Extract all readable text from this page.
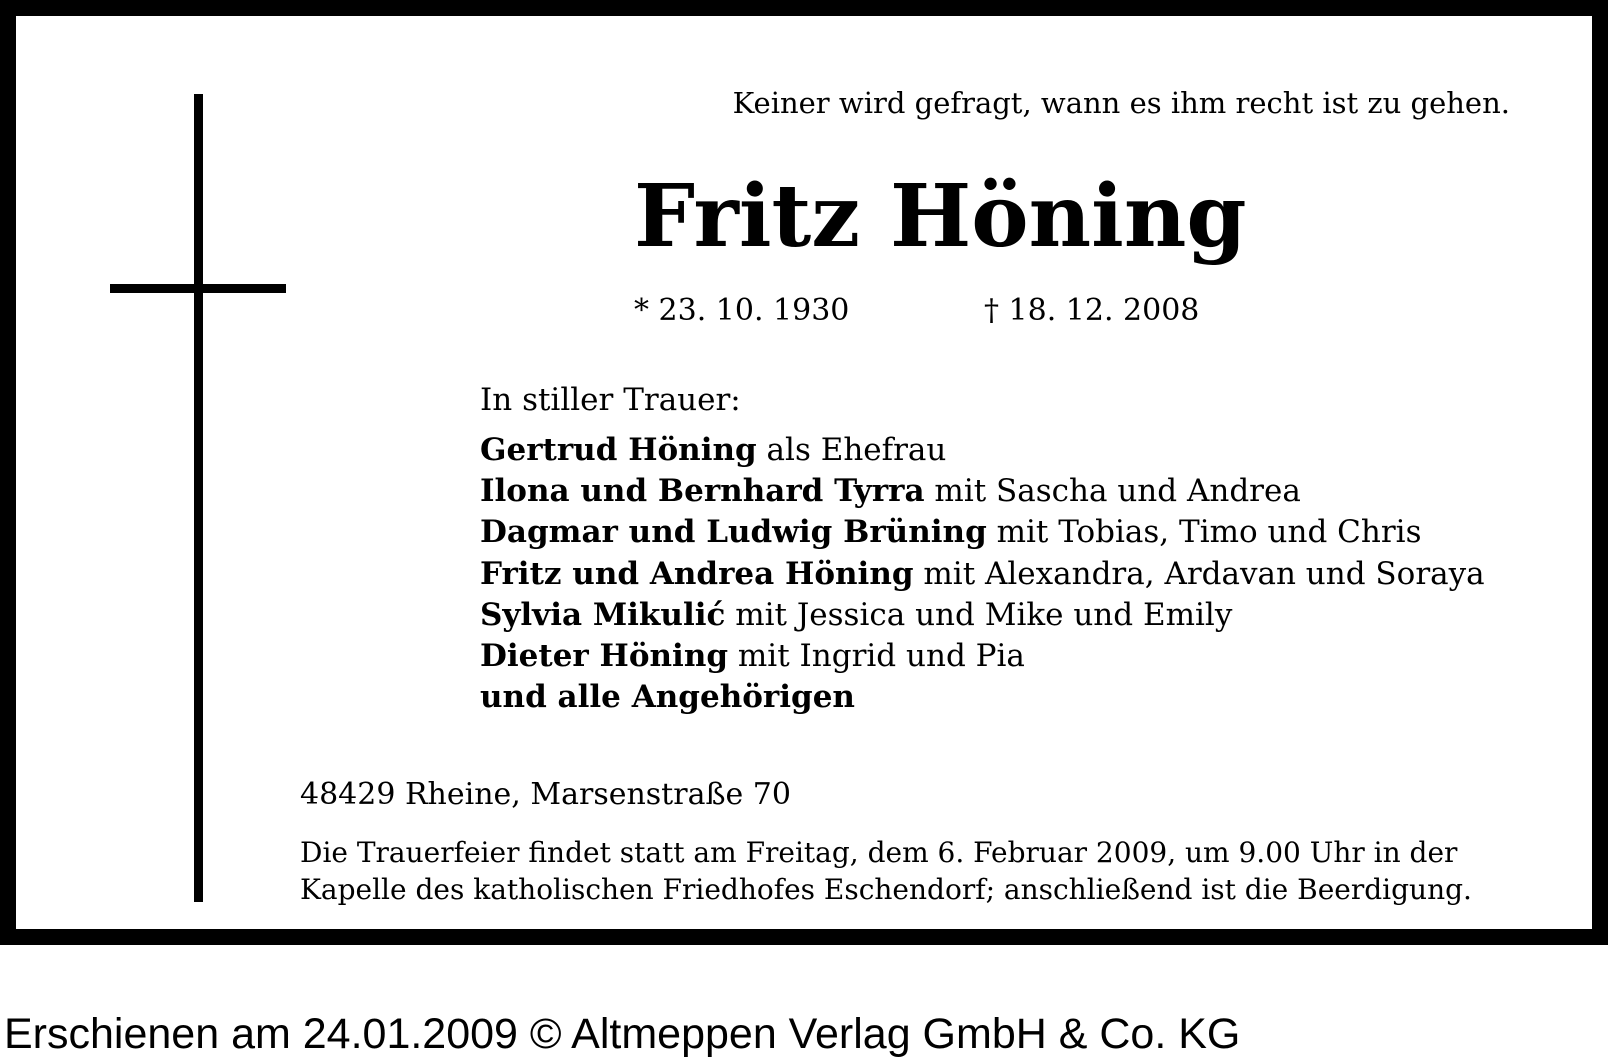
Keiner wird gefragt, wann es ihm recht ist zu gehen.
Fritz Höning
* 23. 10. 1930	† 18. 12. 2008
In stiller Trauer:
Gertrud Höning als Ehefrau
Ilona und Bernhard Tyrra mit Sascha und Andrea
Dagmar und Ludwig Brüning mit Tobias, Timo und Chris
Fritz und Andrea Höning mit Alexandra, Ardavan und Soraya
Sylvia Mikulić mit Jessica und Mike und Emily
Dieter Höning mit Ingrid und Pia
und alle Angehörigen
48429 Rheine, Marsenstraße 70
Die Trauerfeier findet statt am Freitag, dem 6. Februar 2009, um 9.00 Uhr in der
Kapelle des katholischen Friedhofes Eschendorf; anschließend ist die Beerdigung.
Erschienen am 24.01.2009 © Altmeppen Verlag GmbH & Co. KG
